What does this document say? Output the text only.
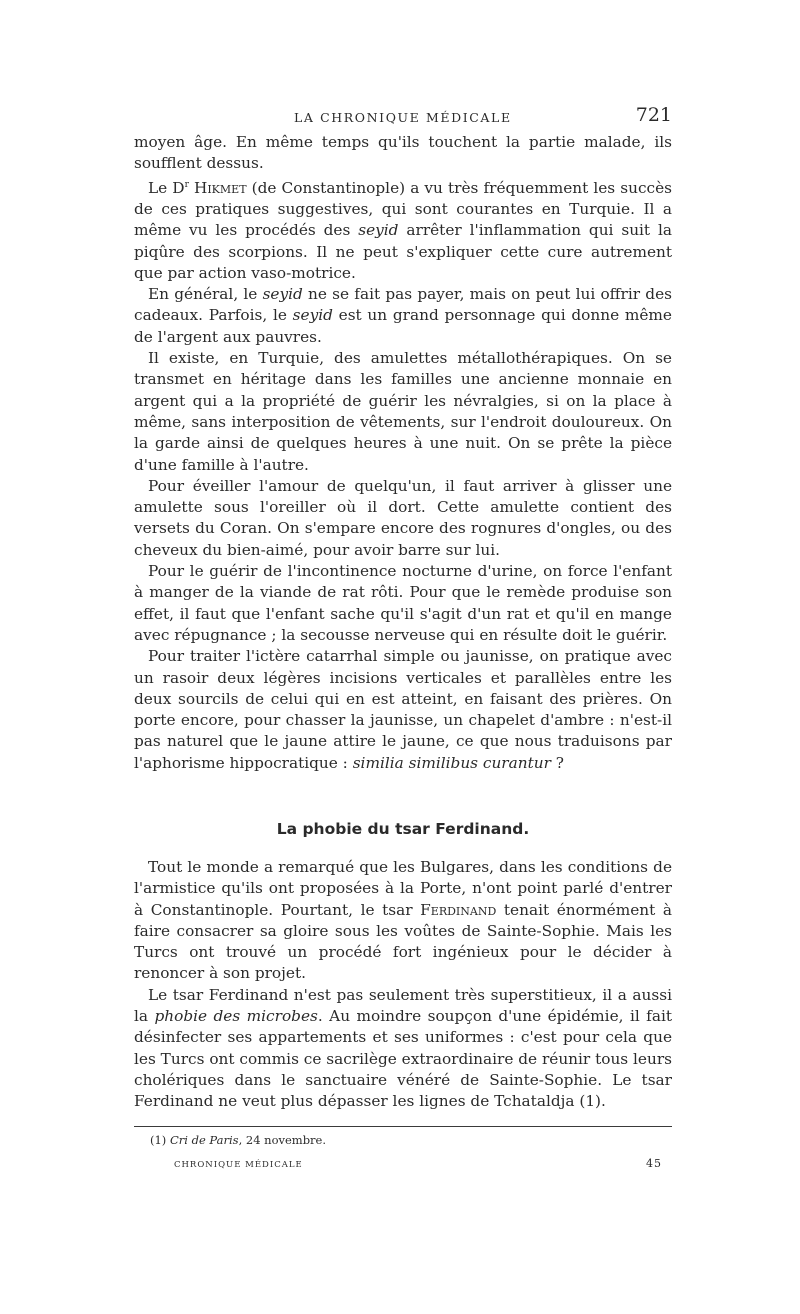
LA CHRONIQUE MÉDICALE	721

moyen âge. En même temps qu'ils touchent la partie malade, ils soufflent dessus.

Le $D^r$ Hikmet (de Constantinople) a vu très fréquemment les succès de ces pratiques suggestives, qui sont courantes en Turquie. Il a même vu les procédés des seyid arrêter l'inflammation qui suit la piqûre des scorpions. Il ne peut s'expliquer cette cure autrement que par action vaso-motrice.

En général, le seyid ne se fait pas payer, mais on peut lui offrir des cadeaux. Parfois, le seyid est un grand personnage qui donne même de l'argent aux pauvres.

Il existe, en Turquie, des amulettes métallothérapiques. On se transmet en héritage dans les familles une ancienne monnaie en argent qui a la propriété de guérir les névralgies, si on la place à même, sans interposition de vêtements, sur l'endroit douloureux. On la garde ainsi de quelques heures à une nuit. On se prête la pièce d'une famille à l'autre.

Pour éveiller l'amour de quelqu'un, il faut arriver à glisser une amulette sous l'oreiller où il dort. Cette amulette contient des versets du Coran. On s'empare encore des rognures d'ongles, ou des cheveux du bien-aimé, pour avoir barre sur lui.

Pour le guérir de l'incontinence nocturne d'urine, on force l'enfant à manger de la viande de rat rôti. Pour que le remède produise son effet, il faut que l'enfant sache qu'il s'agit d'un rat et qu'il en mange avec répugnance ; la secousse nerveuse qui en résulte doit le guérir.

Pour traiter l'ictère catarrhal simple ou jaunisse, on pratique avec un rasoir deux légères incisions verticales et parallèles entre les deux sourcils de celui qui en est atteint, en faisant des prières. On porte encore, pour chasser la jaunisse, un chapelet d'ambre : n'est-il pas naturel que le jaune attire le jaune, ce que nous traduisons par l'aphorisme hippocratique : similia similibus curantur ?

La phobie du tsar Ferdinand.

Tout le monde a remarqué que les Bulgares, dans les conditions de l'armistice qu'ils ont proposées à la Porte, n'ont point parlé d'entrer à Constantinople. Pourtant, le tsar Ferdinand tenait énormément à faire consacrer sa gloire sous les voûtes de Sainte-Sophie. Mais les Turcs ont trouvé un procédé fort ingénieux pour le décider à renoncer à son projet.

Le tsar Ferdinand n'est pas seulement très superstitieux, il a aussi la phobie des microbes. Au moindre soupçon d'une épidémie, il fait désinfecter ses appartements et ses uniformes : c'est pour cela que les Turcs ont commis ce sacrilège extraordinaire de réunir tous leurs cholériques dans le sanctuaire vénéré de Sainte-Sophie. Le tsar Ferdinand ne veut plus dépasser les lignes de Tchataldja (1).

(1) Cri de Paris, 24 novembre.
CHRONIQUE MÉDICALE	45
